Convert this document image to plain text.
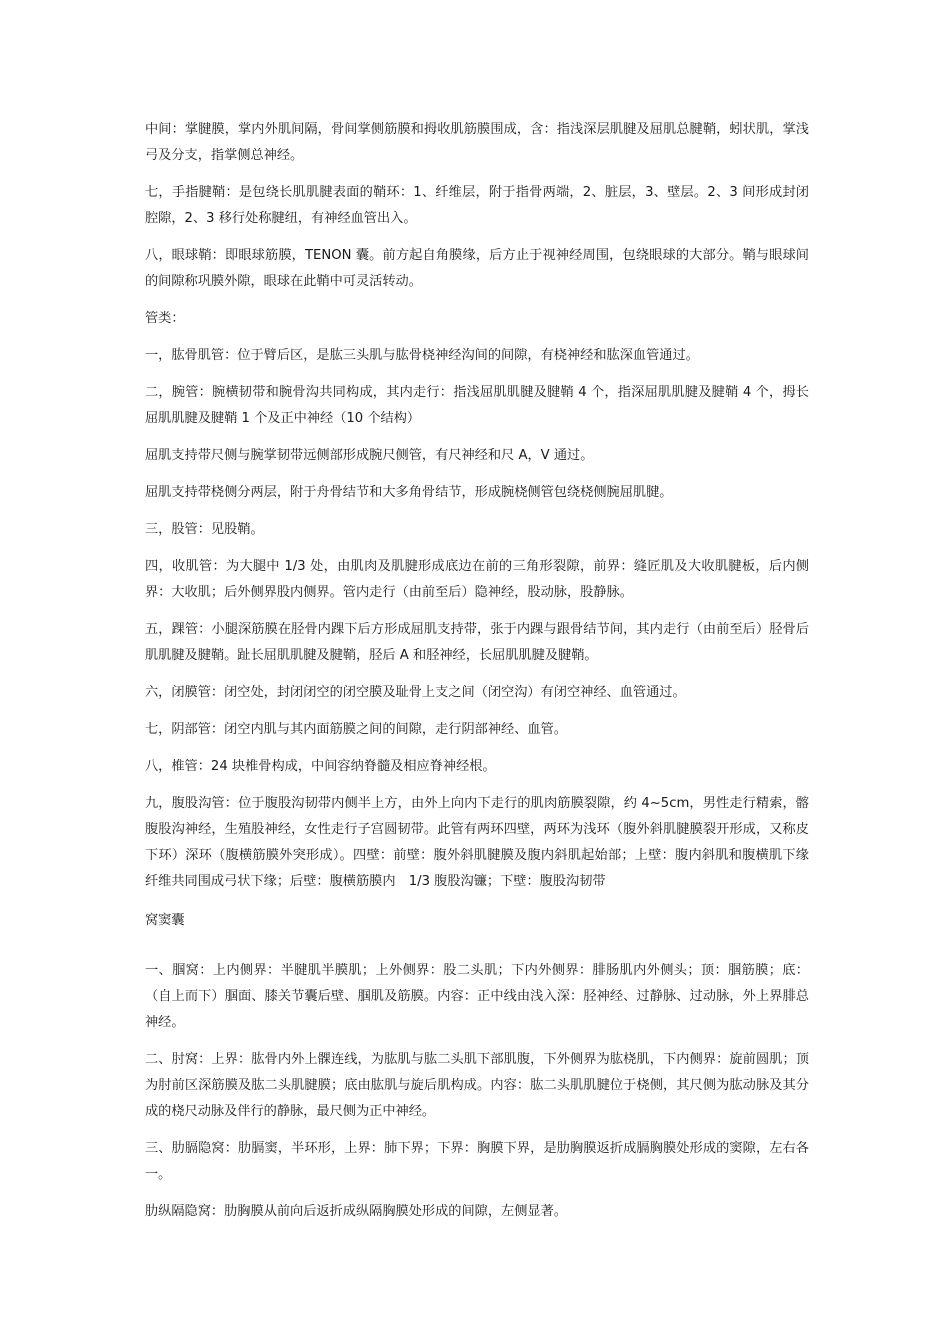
中间：掌腱膜，掌内外肌间隔，骨间掌侧筋膜和拇收肌筋膜围成，含：指浅深层肌腱及屈肌总腱鞘，蚓状肌，掌浅弓及分支，指掌侧总神经。

七，手指腱鞘：是包绕长肌肌腱表面的鞘环：1、纤维层，附于指骨两端，2、脏层，3、壁层。2、3 间形成封闭腔隙，2、3 移行处称腱纽，有神经血管出入。

八，眼球鞘：即眼球筋膜，TENON 囊。前方起自角膜缘，后方止于视神经周围，包绕眼球的大部分。鞘与眼球间的间隙称巩膜外隙，眼球在此鞘中可灵活转动。

管类：

一，肱骨肌管：位于臂后区，是肱三头肌与肱骨桡神经沟间的间隙，有桡神经和肱深血管通过。

二，腕管：腕横韧带和腕骨沟共同构成，其内走行：指浅屈肌肌腱及腱鞘 4 个，指深屈肌肌腱及腱鞘 4 个，拇长屈肌肌腱及腱鞘 1 个及正中神经（10 个结构）

屈肌支持带尺侧与腕掌韧带远侧部形成腕尺侧管，有尺神经和尺 A，V 通过。

屈肌支持带桡侧分两层，附于舟骨结节和大多角骨结节，形成腕桡侧管包绕桡侧腕屈肌腱。

三，股管：见股鞘。

四，收肌管：为大腿中 1/3 处，由肌肉及肌腱形成底边在前的三角形裂隙，前界：缝匠肌及大收肌腱板，后内侧界：大收肌；后外侧界股内侧界。管内走行（由前至后）隐神经，股动脉，股静脉。

五，踝管：小腿深筋膜在胫骨内踝下后方形成屈肌支持带，张于内踝与跟骨结节间，其内走行（由前至后）胫骨后肌肌腱及腱鞘。趾长屈肌肌腱及腱鞘，胫后 A 和胫神经，长屈肌肌腱及腱鞘。

六，闭膜管：闭空处，封闭闭空的闭空膜及耻骨上支之间（闭空沟）有闭空神经、血管通过。

七，阴部管：闭空内肌与其内面筋膜之间的间隙，走行阴部神经、血管。

八，椎管：24 块椎骨构成，中间容纳脊髓及相应脊神经根。

九，腹股沟管：位于腹股沟韧带内侧半上方，由外上向内下走行的肌肉筋膜裂隙，约 4~5cm，男性走行精索，髂腹股沟神经，生殖股神经，女性走行子宫圆韧带。此管有两环四壁，两环为浅环（腹外斜肌腱膜裂开形成，又称皮下环）深环（腹横筋膜外突形成）。四壁：前壁：腹外斜肌腱膜及腹内斜肌起始部；上壁：腹内斜肌和腹横肌下缘纤维共同围成弓状下缘；后壁：腹横筋膜内　1/3 腹股沟镰；下壁：腹股沟韧带

窝窦囊

一、腘窝：上内侧界：半腱肌半膜肌；上外侧界：股二头肌；下内外侧界：腓肠肌内外侧头；顶：腘筋膜；底：（自上而下）腘面、膝关节囊后壁、腘肌及筋膜。内容：正中线由浅入深：胫神经、过静脉、过动脉，外上界腓总神经。

二、肘窝：上界：肱骨内外上髁连线，为肱肌与肱二头肌下部肌腹，下外侧界为肱桡肌，下内侧界：旋前圆肌；顶为肘前区深筋膜及肱二头肌腱膜；底由肱肌与旋后肌构成。内容：肱二头肌肌腱位于桡侧，其尺侧为肱动脉及其分成的桡尺动脉及伴行的静脉，最尺侧为正中神经。

三、肋膈隐窝：肋膈窦，半环形，上界：肺下界；下界：胸膜下界，是肋胸膜返折成膈胸膜处形成的窦隙，左右各一。

肋纵隔隐窝：肋胸膜从前向后返折成纵隔胸膜处形成的间隙，左侧显著。
